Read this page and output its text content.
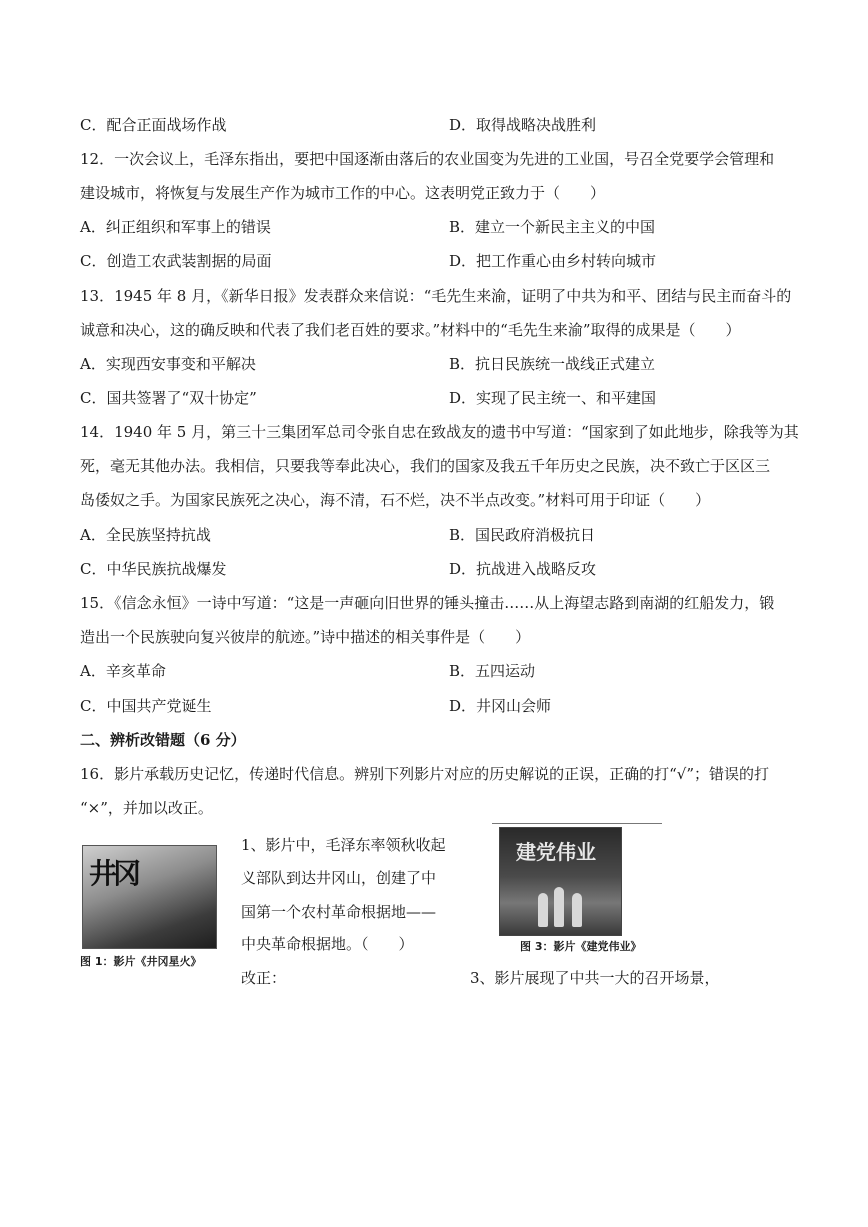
C．配合正面战场作战	D．取得战略决战胜利
12．一次会议上，毛泽东指出，要把中国逐渐由落后的农业国变为先进的工业国，号召全党要学会管理和
建设城市，将恢复与发展生产作为城市工作的中心。这表明党正致力于（　　）
A．纠正组织和军事上的错误	B．建立一个新民主主义的中国
C．创造工农武装割据的局面	D．把工作重心由乡村转向城市
13．1945 年 8 月，《新华日报》发表群众来信说：“毛先生来渝，证明了中共为和平、团结与民主而奋斗的
诚意和决心，这的确反映和代表了我们老百姓的要求。”材料中的“毛先生来渝”取得的成果是（　　）
A．实现西安事变和平解决	B．抗日民族统一战线正式建立
C．国共签署了“双十协定”	D．实现了民主统一、和平建国
14．1940 年 5 月，第三十三集团军总司令张自忠在致战友的遗书中写道：“国家到了如此地步，除我等为其
死，毫无其他办法。我相信，只要我等奉此决心，我们的国家及我五千年历史之民族，决不致亡于区区三
岛倭奴之手。为国家民族死之决心，海不清，石不烂，决不半点改变。”材料可用于印证（　　）
A．全民族坚持抗战	B．国民政府消极抗日
C．中华民族抗战爆发	D．抗战进入战略反攻
15．《信念永恒》一诗中写道：“这是一声砸向旧世界的锤头撞击……从上海望志路到南湖的红船发力，锻
造出一个民族驶向复兴彼岸的航迹。”诗中描述的相关事件是（　　）
A．辛亥革命	B．五四运动
C．中国共产党诞生	D．井冈山会师
二、辨析改错题（6 分）
16．影片承载历史记忆，传递时代信息。辨别下列影片对应的历史解说的正误，正确的打“√”；错误的打
“×”，并加以改正。
井冈
图 1：影片《井冈星火》
1、影片中，毛泽东率领秋收起
义部队到达井冈山，创建了中
国第一个农村革命根据地——
中央革命根据地。（　　）
改正：
建党伟业
图 3：影片《建党伟业》
3、影片展现了中共一大的召开场景，
